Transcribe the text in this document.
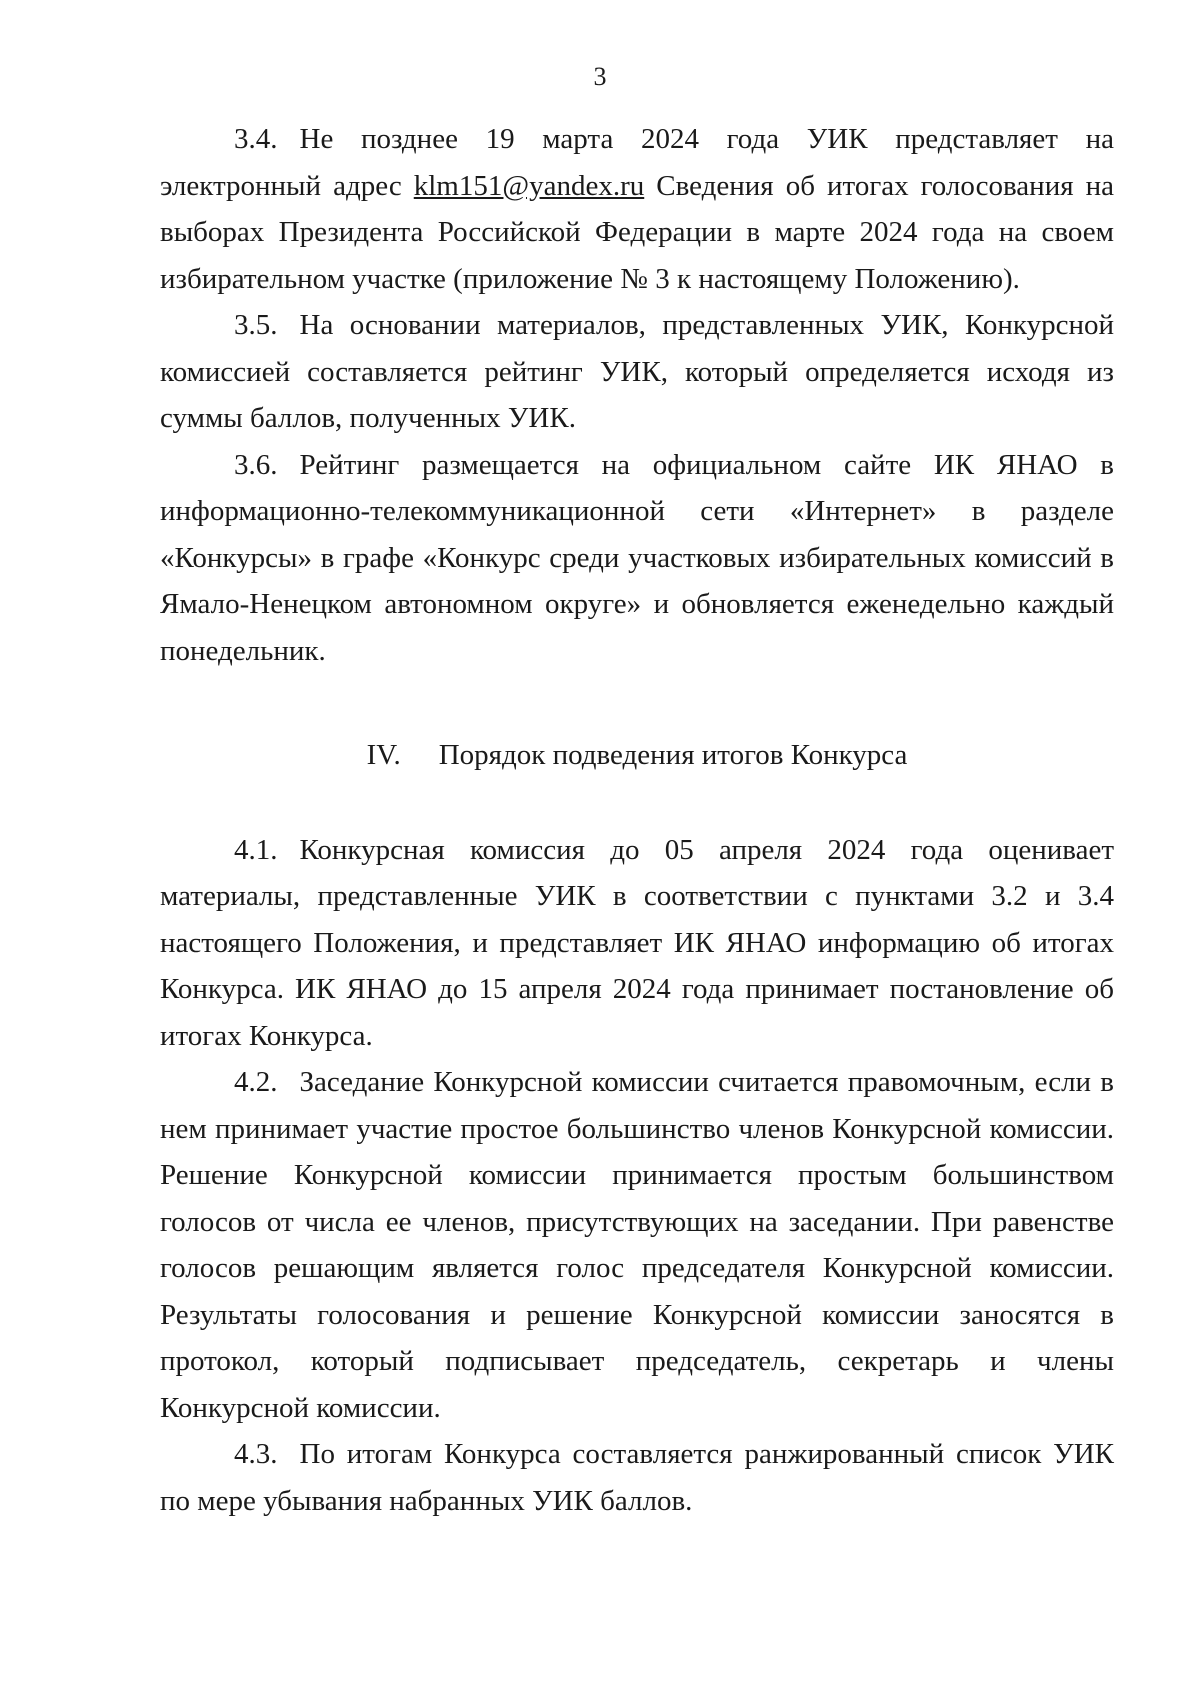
3

3.4. Не позднее 19 марта 2024 года УИК представляет на электронный адрес klm151@yandex.ru Сведения об итогах голосования на выборах Президента Российской Федерации в марте 2024 года на своем избирательном участке (приложение № 3 к настоящему Положению).

3.5. На основании материалов, представленных УИК, Конкурсной комиссией составляется рейтинг УИК, который определяется исходя из суммы баллов, полученных УИК.

3.6. Рейтинг размещается на официальном сайте ИК ЯНАО в информационно-телекоммуникационной сети «Интернет» в разделе «Конкурсы» в графе «Конкурс среди участковых избирательных комиссий в Ямало-Ненецком автономном округе» и обновляется еженедельно каждый понедельник.

IV. Порядок подведения итогов Конкурса

4.1. Конкурсная комиссия до 05 апреля 2024 года оценивает материалы, представленные УИК в соответствии с пунктами 3.2 и 3.4 настоящего Положения, и представляет ИК ЯНАО информацию об итогах Конкурса. ИК ЯНАО до 15 апреля 2024 года принимает постановление об итогах Конкурса.

4.2. Заседание Конкурсной комиссии считается правомочным, если в нем принимает участие простое большинство членов Конкурсной комиссии. Решение Конкурсной комиссии принимается простым большинством голосов от числа ее членов, присутствующих на заседании. При равенстве голосов решающим является голос председателя Конкурсной комиссии. Результаты голосования и решение Конкурсной комиссии заносятся в протокол, который подписывает председатель, секретарь и члены Конкурсной комиссии.

4.3. По итогам Конкурса составляется ранжированный список УИК по мере убывания набранных УИК баллов.
